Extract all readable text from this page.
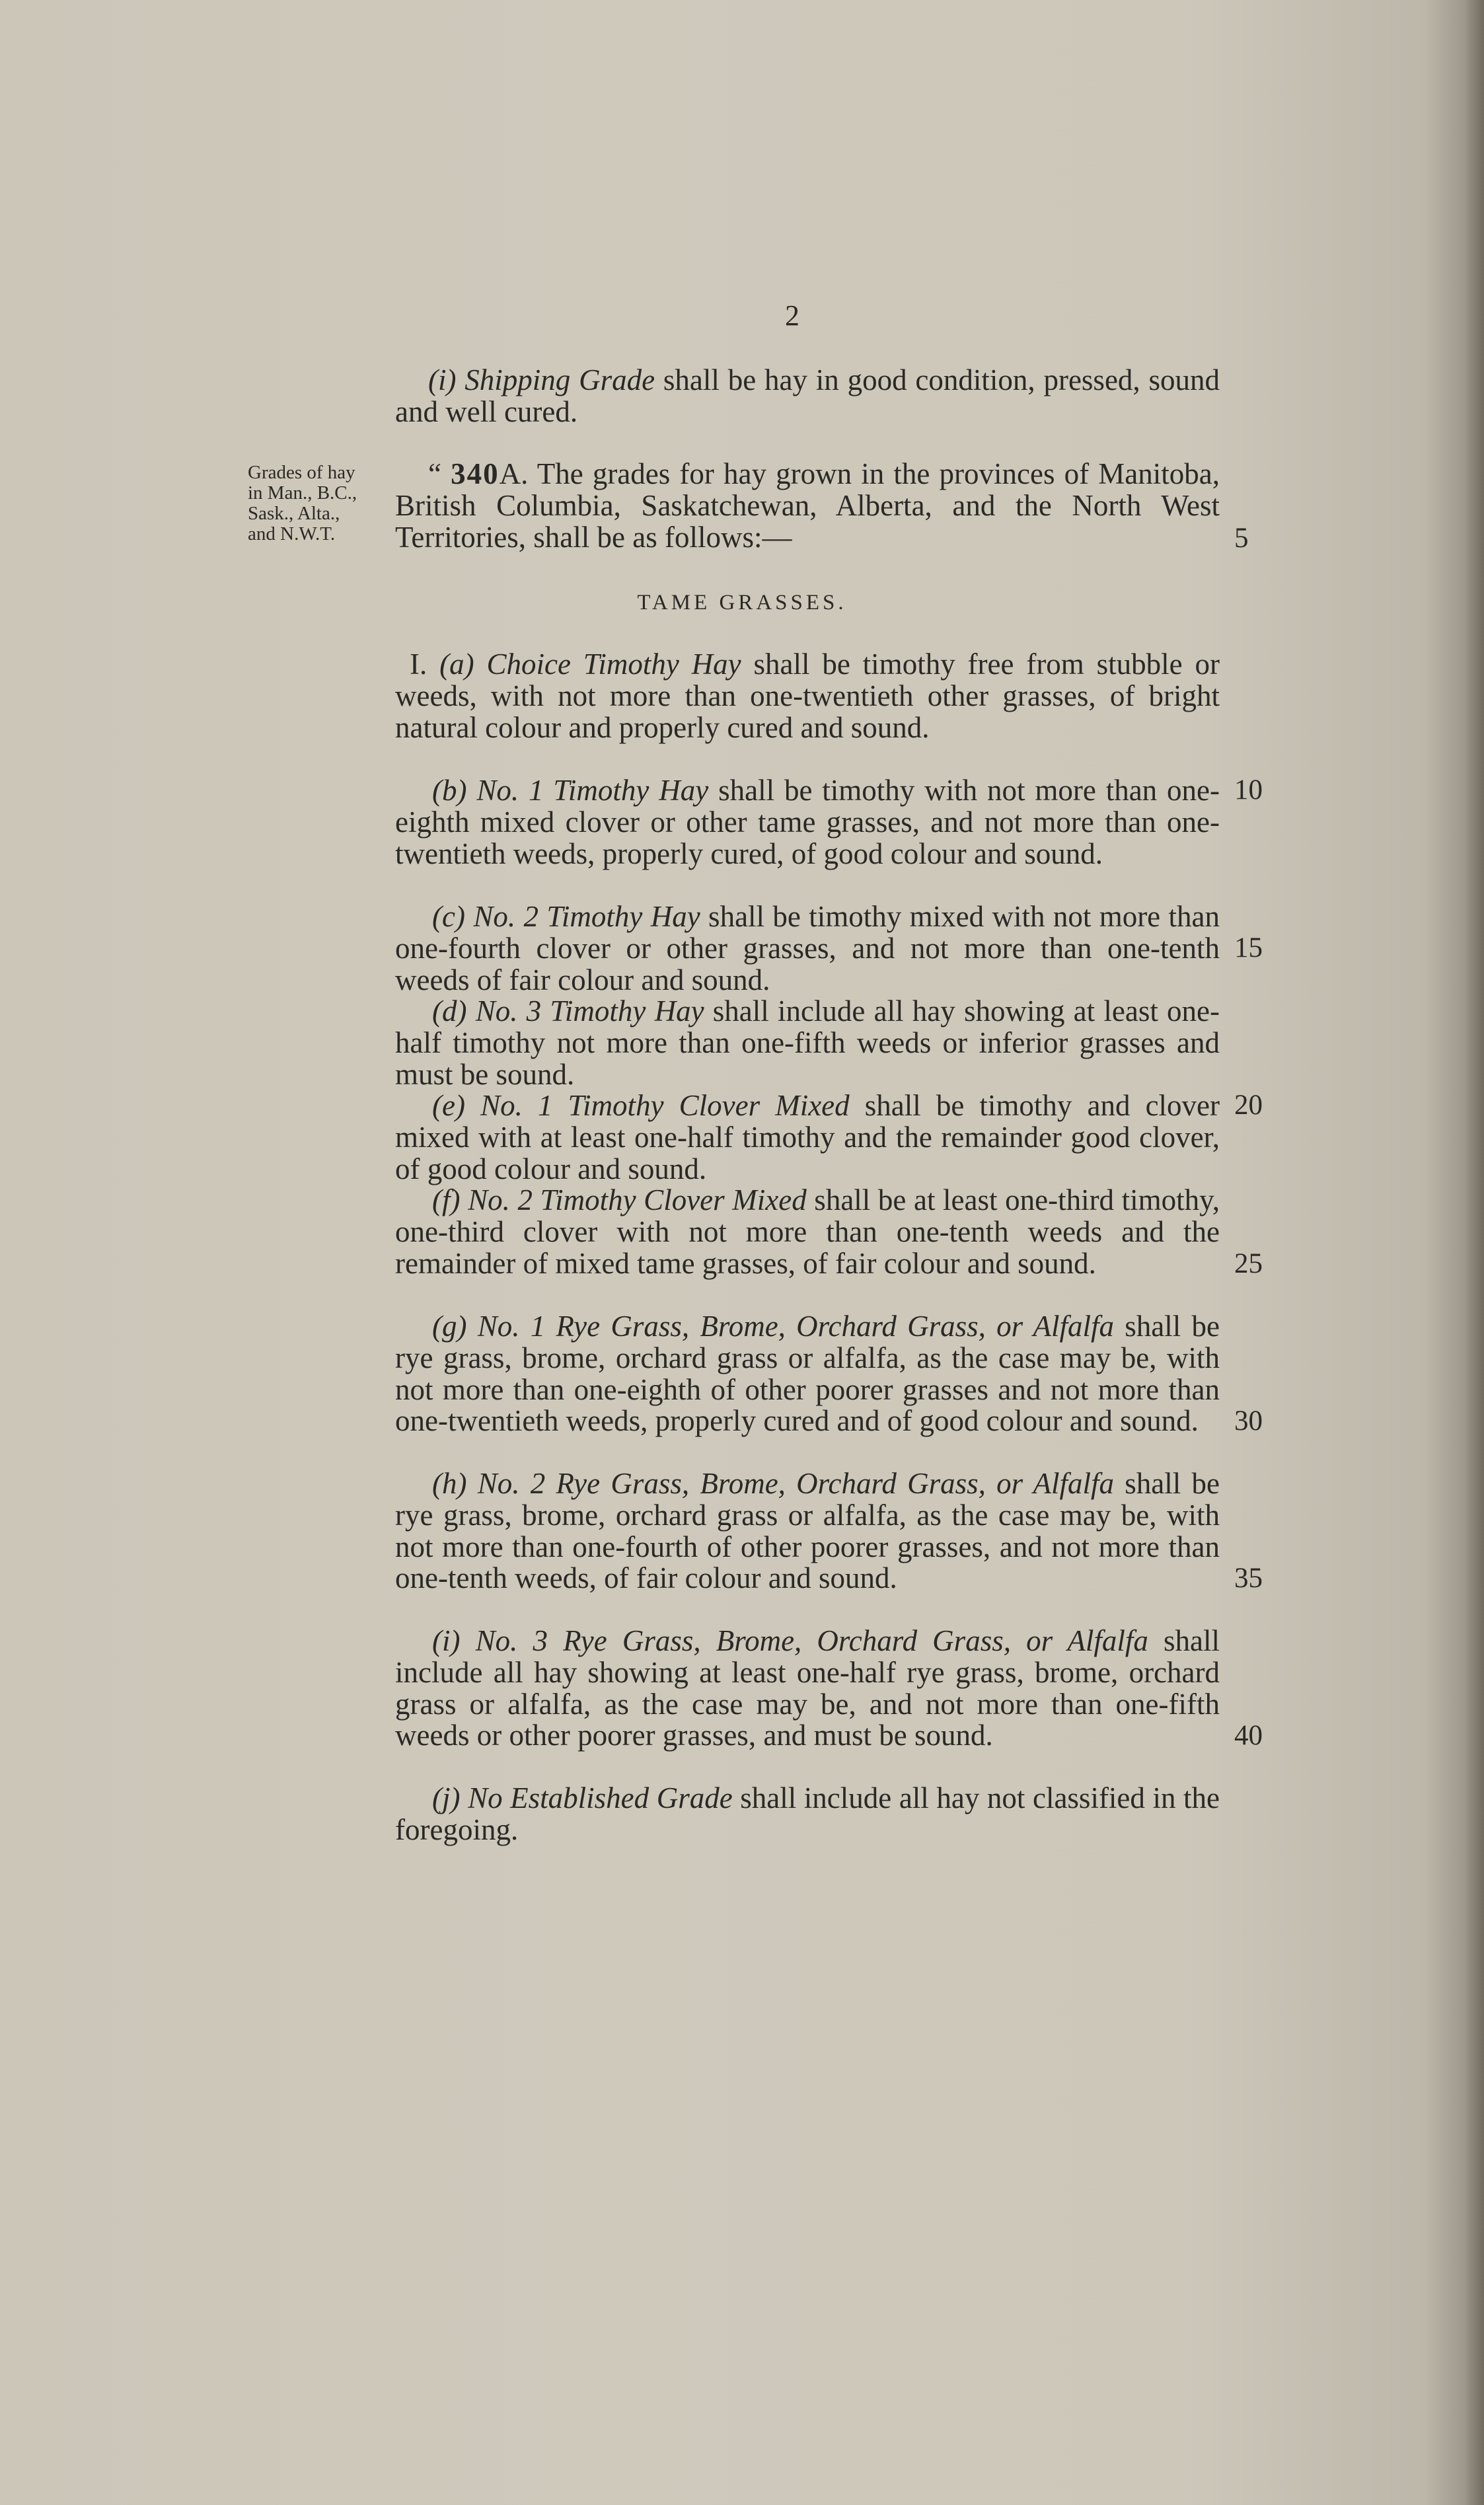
2

(i) Shipping Grade shall be hay in good condition, pressed, sound and well cured.

Grades of hay
in Man., B.C.,
Sask., Alta.,
and N.W.T.

“ 340A. The grades for hay grown in the provinces of Manitoba, British Columbia, Saskatchewan, Alberta, and the North West Territories, shall be as follows:—

TAME GRASSES.

I. (a) Choice Timothy Hay shall be timothy free from stubble or weeds, with not more than one-twentieth other grasses, of bright natural colour and properly cured and sound.

(b) No. 1 Timothy Hay shall be timothy with not more than one-eighth mixed clover or other tame grasses, and not more than one-twentieth weeds, properly cured, of good colour and sound.

(c) No. 2 Timothy Hay shall be timothy mixed with not more than one-fourth clover or other grasses, and not more than one-tenth weeds of fair colour and sound.

(d) No. 3 Timothy Hay shall include all hay showing at least one-half timothy not more than one-fifth weeds or inferior grasses and must be sound.

(e) No. 1 Timothy Clover Mixed shall be timothy and clover mixed with at least one-half timothy and the remainder good clover, of good colour and sound.

(f) No. 2 Timothy Clover Mixed shall be at least one-third timothy, one-third clover with not more than one-tenth weeds and the remainder of mixed tame grasses, of fair colour and sound.

(g) No. 1 Rye Grass, Brome, Orchard Grass, or Alfalfa shall be rye grass, brome, orchard grass or alfalfa, as the case may be, with not more than one-eighth of other poorer grasses and not more than one-twentieth weeds, properly cured and of good colour and sound.

(h) No. 2 Rye Grass, Brome, Orchard Grass, or Alfalfa shall be rye grass, brome, orchard grass or alfalfa, as the case may be, with not more than one-fourth of other poorer grasses, and not more than one-tenth weeds, of fair colour and sound.

(i) No. 3 Rye Grass, Brome, Orchard Grass, or Alfalfa shall include all hay showing at least one-half rye grass, brome, orchard grass or alfalfa, as the case may be, and not more than one-fifth weeds or other poorer grasses, and must be sound.

(j) No Established Grade shall include all hay not classified in the foregoing.

5

10

15

20

25

30

35

40
